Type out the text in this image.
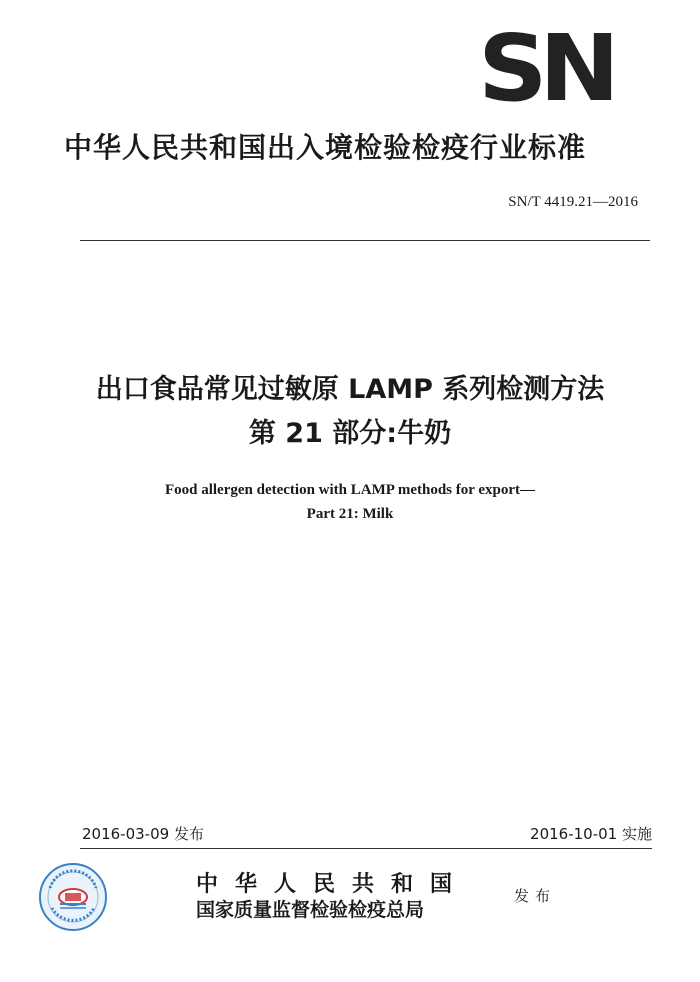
SN
中华人民共和国出入境检验检疫行业标准
SN/T 4419.21—2016
出口食品常见过敏原 LAMP 系列检测方法
第 21 部分:牛奶
Food allergen detection with LAMP methods for export—
Part 21: Milk
2016-03-09 发布	2016-10-01 实施
中华人民共和国
国家质量监督检验检疫总局
发布
